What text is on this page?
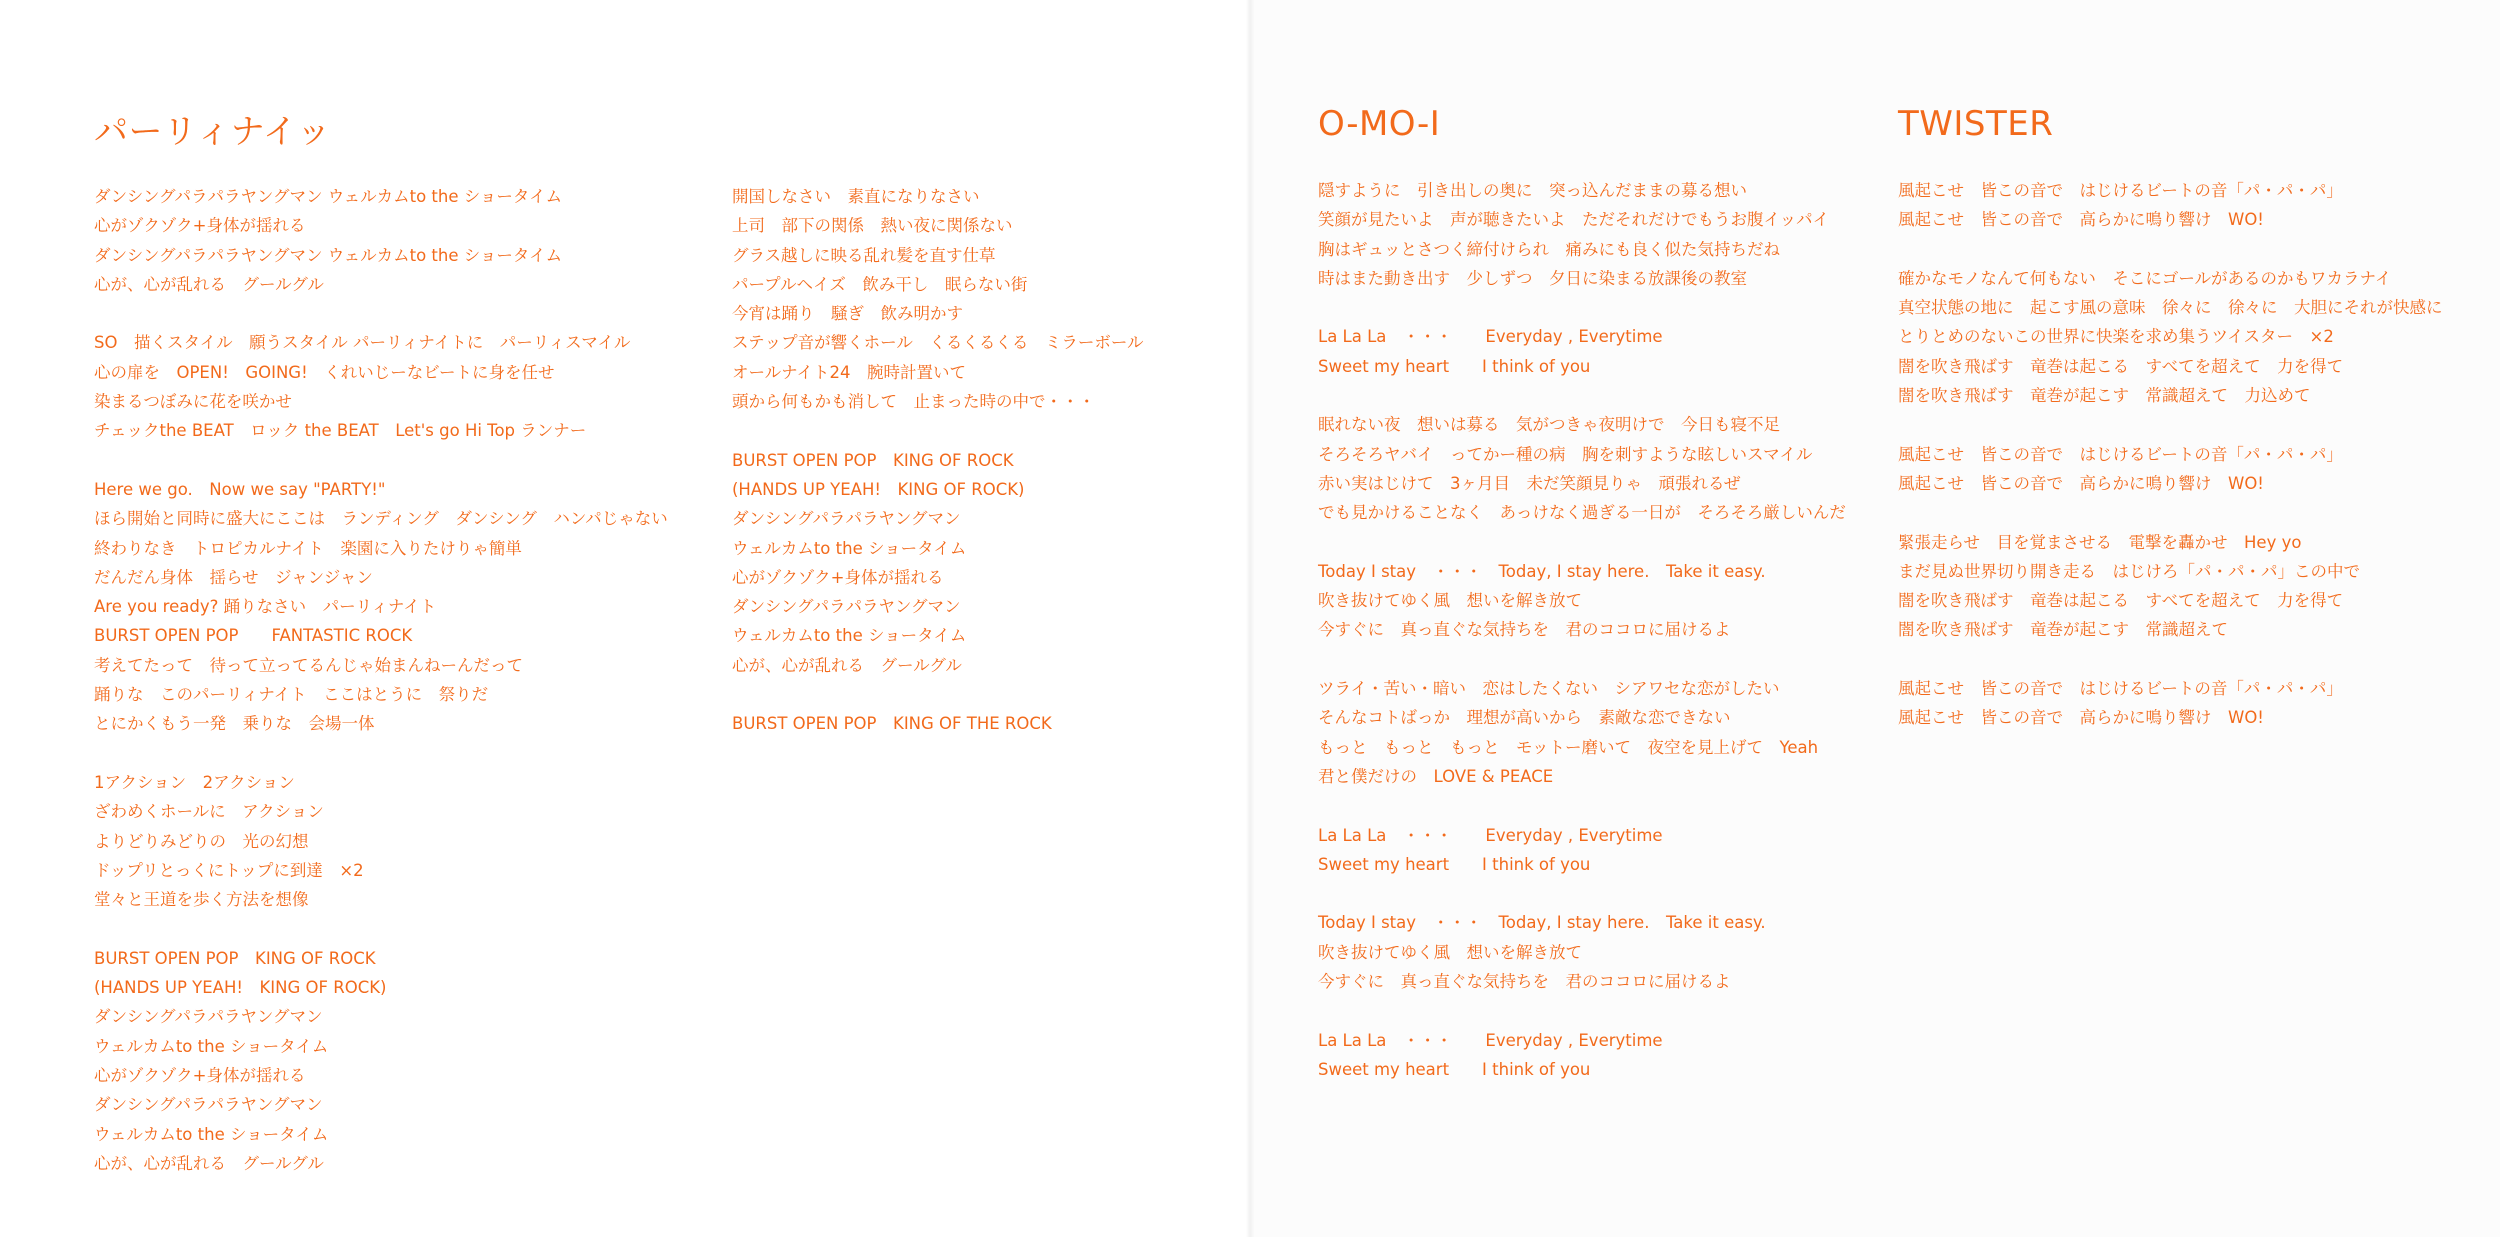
パーリィナイッ
ダンシングパラパラヤングマン ウェルカムto the ショータイム
心がゾクゾク+身体が揺れる
ダンシングパラパラヤングマン ウェルカムto the ショータイム
心が、心が乱れる　グールグル
SO　描くスタイル　願うスタイル パーリィナイトに　パーリィスマイル
心の扉を　OPEN!　GOING!　くれいじーなビートに身を任せ
染まるつぼみに花を咲かせ
チェックthe BEAT　ロック the BEAT　Let's go Hi Top ランナー
Here we go.　Now we say "PARTY!"
ほら開始と同時に盛大にここは　ランディング　ダンシング　ハンパじゃない
終わりなき　トロピカルナイト　楽園に入りたけりゃ簡単
だんだん身体　揺らせ　ジャンジャン
Are you ready? 踊りなさい　パーリィナイト
BURST OPEN POP　　FANTASTIC ROCK
考えてたって　待って立ってるんじゃ始まんねーんだって
踊りな　このパーリィナイト　ここはとうに　祭りだ
とにかくもう一発　乗りな　会場一体
1アクション　2アクション
ざわめくホールに　アクション
よりどりみどりの　光の幻想
ドップリとっくにトップに到達　×2
堂々と王道を歩く方法を想像
BURST OPEN POP　KING OF ROCK
(HANDS UP YEAH!　KING OF ROCK)
ダンシングパラパラヤングマン
ウェルカムto the ショータイム
心がゾクゾク+身体が揺れる
ダンシングパラパラヤングマン
ウェルカムto the ショータイム
心が、心が乱れる　グールグル
開国しなさい　素直になりなさい
上司　部下の関係　熱い夜に関係ない
グラス越しに映る乱れ髪を直す仕草
パープルヘイズ　飲み干し　眠らない街
今宵は踊り　騒ぎ　飲み明かす
ステップ音が響くホール　くるくるくる　ミラーボール
オールナイト24　腕時計置いて
頭から何もかも消して　止まった時の中で・・・
BURST OPEN POP　KING OF ROCK
(HANDS UP YEAH!　KING OF ROCK)
ダンシングパラパラヤングマン
ウェルカムto the ショータイム
心がゾクゾク+身体が揺れる
ダンシングパラパラヤングマン
ウェルカムto the ショータイム
心が、心が乱れる　グールグル
BURST OPEN POP　KING OF THE ROCK
O-MO-I
隠すように　引き出しの奥に　突っ込んだままの募る想い
笑顔が見たいよ　声が聴きたいよ　ただそれだけでもうお腹イッパイ
胸はギュッとさつく締付けられ　痛みにも良く似た気持ちだね
時はまた動き出す　少しずつ　夕日に染まる放課後の教室
La La La　・・・　　Everyday , Everytime
Sweet my heart　　I think of you
眠れない夜　想いは募る　気がつきゃ夜明けで　今日も寝不足
そろそろヤバイ　ってかー種の病　胸を刺すような眩しいスマイル
赤い実はじけて　3ヶ月目　未だ笑顔見りゃ　頑張れるぜ
でも見かけることなく　あっけなく過ぎる一日が　そろそろ厳しいんだ
Today I stay　・・・　Today, I stay here.　Take it easy.
吹き抜けてゆく風　想いを解き放て
今すぐに　真っ直ぐな気持ちを　君のココロに届けるよ
ツライ・苦い・暗い　恋はしたくない　シアワセな恋がしたい
そんなコトばっか　理想が高いから　素敵な恋できない
もっと　もっと　もっと　モットー磨いて　夜空を見上げて　Yeah
君と僕だけの　LOVE & PEACE
La La La　・・・　　Everyday , Everytime
Sweet my heart　　I think of you
Today I stay　・・・　Today, I stay here.　Take it easy.
吹き抜けてゆく風　想いを解き放て
今すぐに　真っ直ぐな気持ちを　君のココロに届けるよ
La La La　・・・　　Everyday , Everytime
Sweet my heart　　I think of you
TWISTER
風起こせ　皆この音で　はじけるビートの音「パ・パ・パ」
風起こせ　皆この音で　高らかに鳴り響け　WO!
確かなモノなんて何もない　そこにゴールがあるのかもワカラナイ
真空状態の地に　起こす風の意味　徐々に　徐々に　大胆にそれが快感に
とりとめのないこの世界に快楽を求め集うツイスター　×2
闇を吹き飛ばす　竜巻は起こる　すべてを超えて　力を得て
闇を吹き飛ばす　竜巻が起こす　常識超えて　力込めて
風起こせ　皆この音で　はじけるビートの音「パ・パ・パ」
風起こせ　皆この音で　高らかに鳴り響け　WO!
緊張走らせ　目を覚まさせる　電撃を轟かせ　Hey yo
まだ見ぬ世界切り開き走る　はじけろ「パ・パ・パ」この中で
闇を吹き飛ばす　竜巻は起こる　すべてを超えて　力を得て
闇を吹き飛ばす　竜巻が起こす　常識超えて
風起こせ　皆この音で　はじけるビートの音「パ・パ・パ」
風起こせ　皆この音で　高らかに鳴り響け　WO!
